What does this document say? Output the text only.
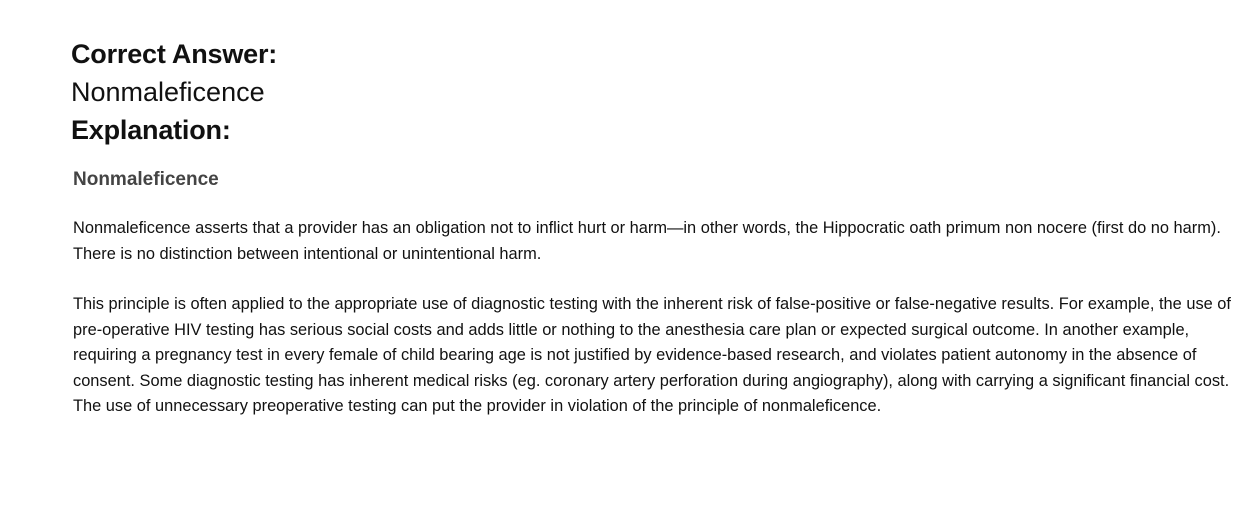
Correct Answer:
Nonmaleficence
Explanation:
Nonmaleficence

Nonmaleficence asserts that a provider has an obligation not to inflict hurt or harm—in other words, the Hippocratic oath primum non nocere (first do no harm). There is no distinction between intentional or unintentional harm.

This principle is often applied to the appropriate use of diagnostic testing with the inherent risk of false-positive or false-negative results. For example, the use of pre-operative HIV testing has serious social costs and adds little or nothing to the anesthesia care plan or expected surgical outcome. In another example, requiring a pregnancy test in every female of child bearing age is not justified by evidence-based research, and violates patient autonomy in the absence of consent. Some diagnostic testing has inherent medical risks (eg. coronary artery perforation during angiography), along with carrying a significant financial cost. The use of unnecessary preoperative testing can put the provider in violation of the principle of nonmaleficence.
